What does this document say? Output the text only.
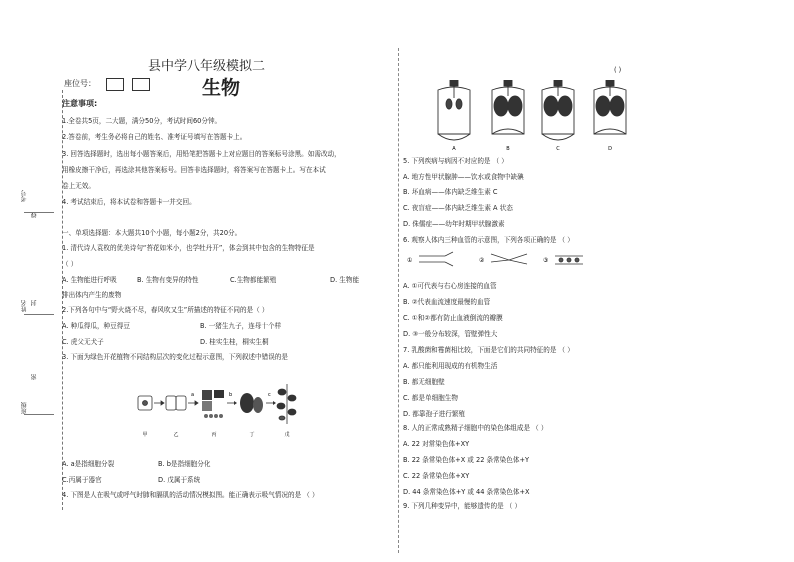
县中学八年级模拟二
座位号：	生物
考号
姓名
班级
线
封
密
注意事项:
1.全卷共5页，二大题，满分50分，考试时间60分钟。
2.答卷前，考生务必将自己的姓名、准考证号填写在答题卡上。
3. 回答选择题时，选出每小题答案后，用铅笔把答题卡上对应题目的答案标号涂黑。如需改动，
用橡皮擦干净后，再选涂其他答案标号。回答非选择题时，将答案写在答题卡上。写在本试
卷上无效。
4. 考试结束后，将本试卷和答题卡一并交回。
一、单项选择题：本大题共10个小题，每小题2分，共20分。
1. 清代诗人袁枚的优美诗句“苔花如米小，也学牡丹开”，体会到其中包含的生物特征是
（ ）
A. 生物能进行呼吸	B. 生物有变异的特性	C.生物都能繁殖	D. 生物能
排出体内产生的废物
2.下列各句中与“野火烧不尽，春风吹又生”所描述的特征不同的是（ ）
A. 种瓜得瓜，种豆得豆	B. 一猪生九子，连母十个样
C. 虎父无犬子	D. 桂实生桂，桐实生桐
3. 下面为绿色开花植物不同结构层次的变化过程示意图，下列叙述中错误的是
a	b	c
甲	乙	丙	丁	戊
A. a是指细胞分裂	B. b是指细胞分化
C.丙属于器官	D. 戊属于系统
4. 下图是人在吸气或呼气时肺和膈肌的活动情况模拟图。能正确表示吸气情况的是 （ ）
( )
A	B	C	D
5. 下列疾病与病因不对应的是 （ ）
A. 地方性甲状腺肿——饮水或食物中缺碘
B. 坏血病——体内缺乏维生素 C
C. 夜盲症——体内缺乏维生素 A 状态
D. 侏儒症——幼年时期甲状腺激素
6. 观察人体内三种血管的示意图，下列各项正确的是 （ ）
①	②	③
A. ①可代表与右心房连接的血管
B. ②代表血流速度最慢的血管
C. ①和②都有防止血液倒流的瓣膜
D. ③一般分布较深，管壁弹性大
7. 乳酸菌和霉菌相比较，下面是它们的共同特征的是 （ ）
A. 都只能利用现成的有机物生活
B. 都无细胞壁
C. 都是单细胞生物
D. 都靠孢子进行繁殖
8. 人的正常成熟精子细胞中的染色体组成是 （ ）
A. 22 对常染色体+XY
B. 22 条常染色体+X 或 22 条常染色体+Y
C. 22 条常染色体+XY
D. 44 条常染色体+Y 或 44 条常染色体+X
9. 下列几种变异中，能够遗传的是 （ ）
